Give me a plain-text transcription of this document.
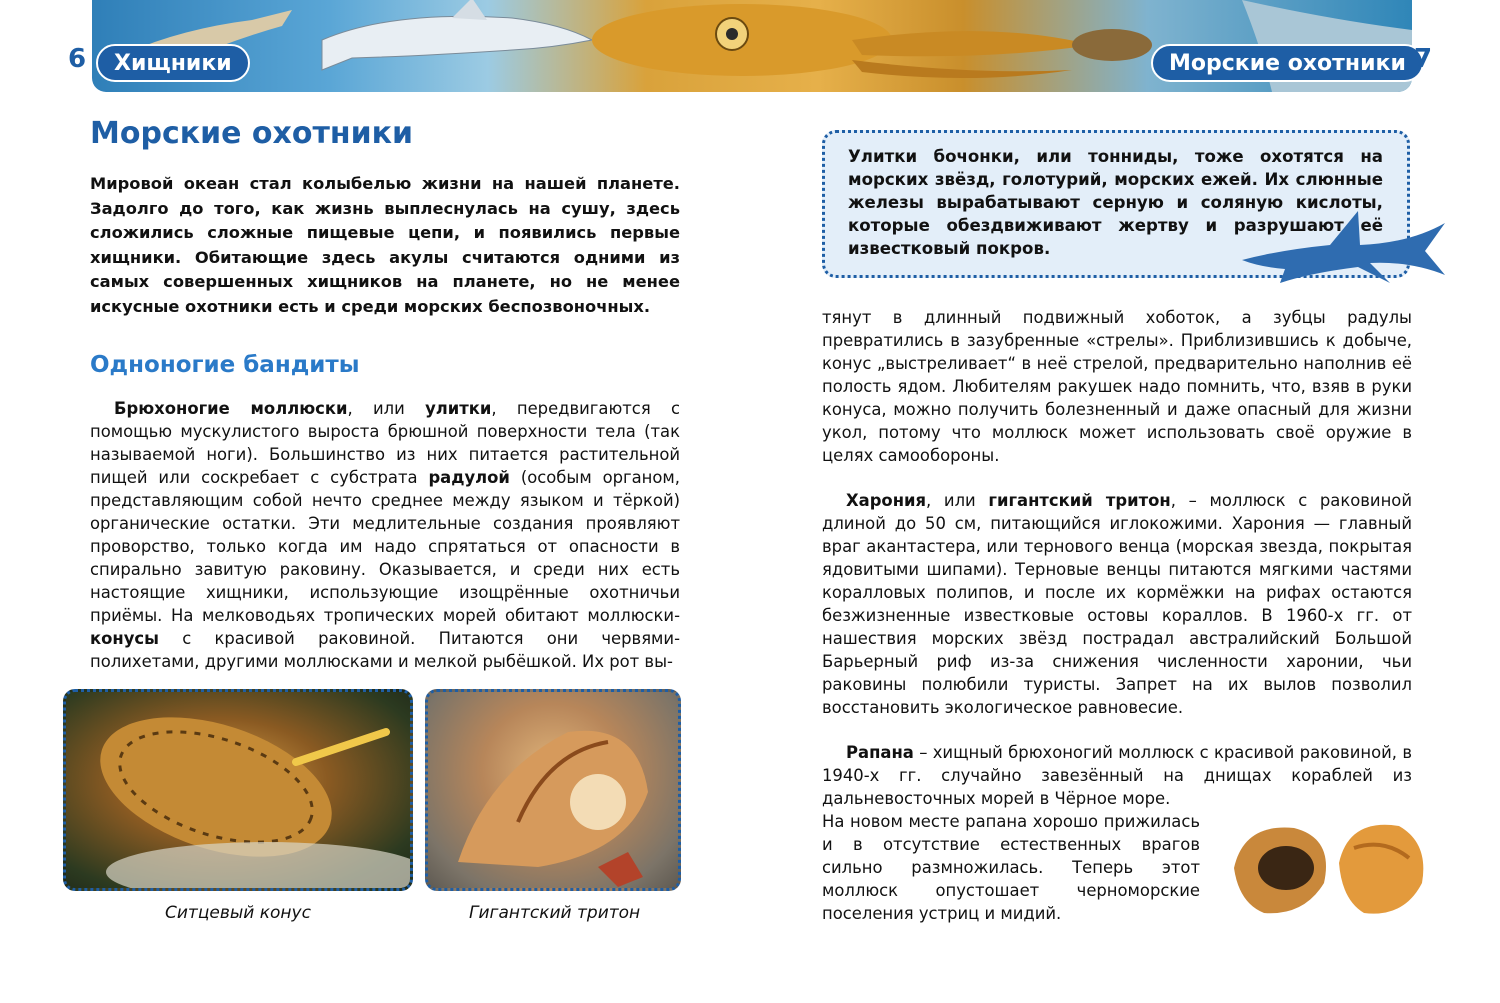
6	Хищники	Морские охотники 7
Морские охотники
Мировой океан стал колыбелью жизни на нашей планете. Задолго до того, как жизнь выплеснулась на сушу, здесь сложились сложные пищевые цепи, и появились первые хищники. Обитающие здесь акулы считаются одними из самых совершенных хищников на планете, но не менее искусные охотники есть и среди морских беспозвоночных.
Одноногие бандиты
Брюхоногие моллюски, или улитки, передвигаются с помощью мускулистого выроста брюшной поверхности тела (так называемой ноги). Большинство из них питается растительной пищей или соскребает с субстрата радулой (особым органом, представляющим собой нечто среднее между языком и тёркой) органические остатки. Эти медлительные создания проявляют проворство, только когда им надо спрятаться от опасности в спирально завитую раковину. Оказывается, и среди них есть настоящие хищники, использующие изощрённые охотничьи приёмы. На мелководьях тропических морей обитают моллюски-конусы с красивой раковиной. Питаются они червями-полихетами, другими моллюсками и мелкой рыбёшкой. Их рот вы-
Ситцевый конус	Гигантский тритон
Улитки бочонки, или тонниды, тоже охотятся на морских звёзд, голотурий, морских ежей. Их слюнные железы вырабатывают серную и соляную кислоты, которые обездвиживают жертву и разрушают её известковый покров.
тянут в длинный подвижный хоботок, а зубцы радулы превратились в зазубренные «стрелы». Приблизившись к добыче, конус „выстреливает“ в неё стрелой, предварительно наполнив её полость ядом. Любителям ракушек надо помнить, что, взяв в руки конуса, можно получить болезненный и даже опасный для жизни укол, потому что моллюск может использовать своё оружие в целях самообороны.
Харония, или гигантский тритон, – моллюск с раковиной длиной до 50 см, питающийся иглокожими. Харония — главный враг акантастера, или тернового венца (морская звезда, покрытая ядовитыми шипами). Терновые венцы питаются мягкими частями коралловых полипов, и после их кормёжки на рифах остаются безжизненные известковые остовы кораллов. В 1960-х гг. от нашествия морских звёзд пострадал австралийский Большой Барьерный риф из-за снижения численности харонии, чьи раковины полюбили туристы. Запрет на их вылов позволил восстановить экологическое равновесие.
Рапана – хищный брюхоногий моллюск с красивой раковиной, в 1940-х гг. случайно завезённый на днищах кораблей из дальневосточных морей в Чёрное море.
На новом месте рапана хорошо прижилась и в отсутствие естественных врагов сильно размножилась. Теперь этот моллюск опустошает черноморские поселения устриц и мидий.
